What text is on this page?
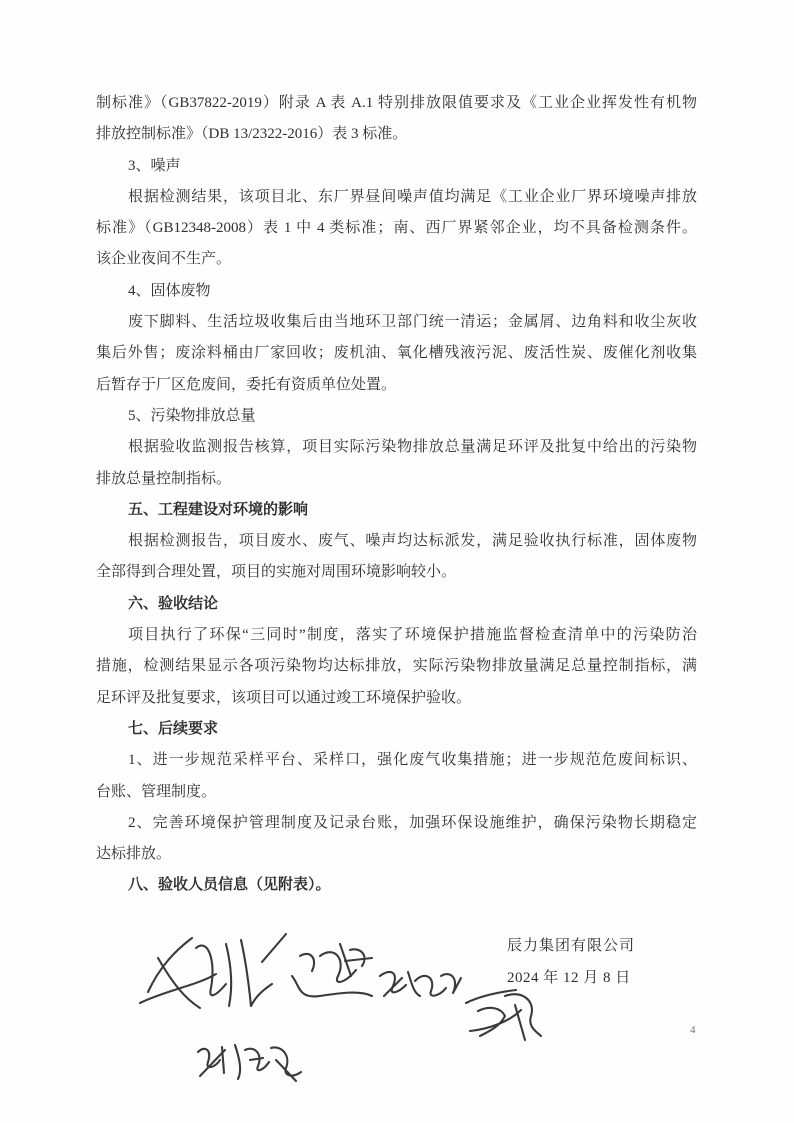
制标准》（GB37822-2019）附录 A 表 A.1 特别排放限值要求及《工业企业挥发性有机物
排放控制标准》（DB 13/2322-2016）表 3 标准。
3、噪声
根据检测结果，该项目北、东厂界昼间噪声值均满足《工业企业厂界环境噪声排放
标准》（GB12348-2008）表 1 中 4 类标准；南、西厂界紧邻企业，均不具备检测条件。
该企业夜间不生产。
4、固体废物
废下脚料、生活垃圾收集后由当地环卫部门统一清运；金属屑、边角料和收尘灰收
集后外售；废涂料桶由厂家回收；废机油、氧化槽残液污泥、废活性炭、废催化剂收集
后暂存于厂区危废间，委托有资质单位处置。
5、污染物排放总量
根据验收监测报告核算，项目实际污染物排放总量满足环评及批复中给出的污染物
排放总量控制指标。
五、工程建设对环境的影响
根据检测报告，项目废水、废气、噪声均达标派发，满足验收执行标准，固体废物
全部得到合理处置，项目的实施对周围环境影响较小。
六、验收结论
项目执行了环保“三同时”制度，落实了环境保护措施监督检查清单中的污染防治
措施，检测结果显示各项污染物均达标排放，实际污染物排放量满足总量控制指标，满
足环评及批复要求，该项目可以通过竣工环境保护验收。
七、后续要求
1、进一步规范采样平台、采样口，强化废气收集措施；进一步规范危废间标识、
台账、管理制度。
2、完善环境保护管理制度及记录台账，加强环保设施维护，确保污染物长期稳定
达标排放。
八、验收人员信息（见附表）。
辰力集团有限公司
2024 年 12 月 8 日
4
